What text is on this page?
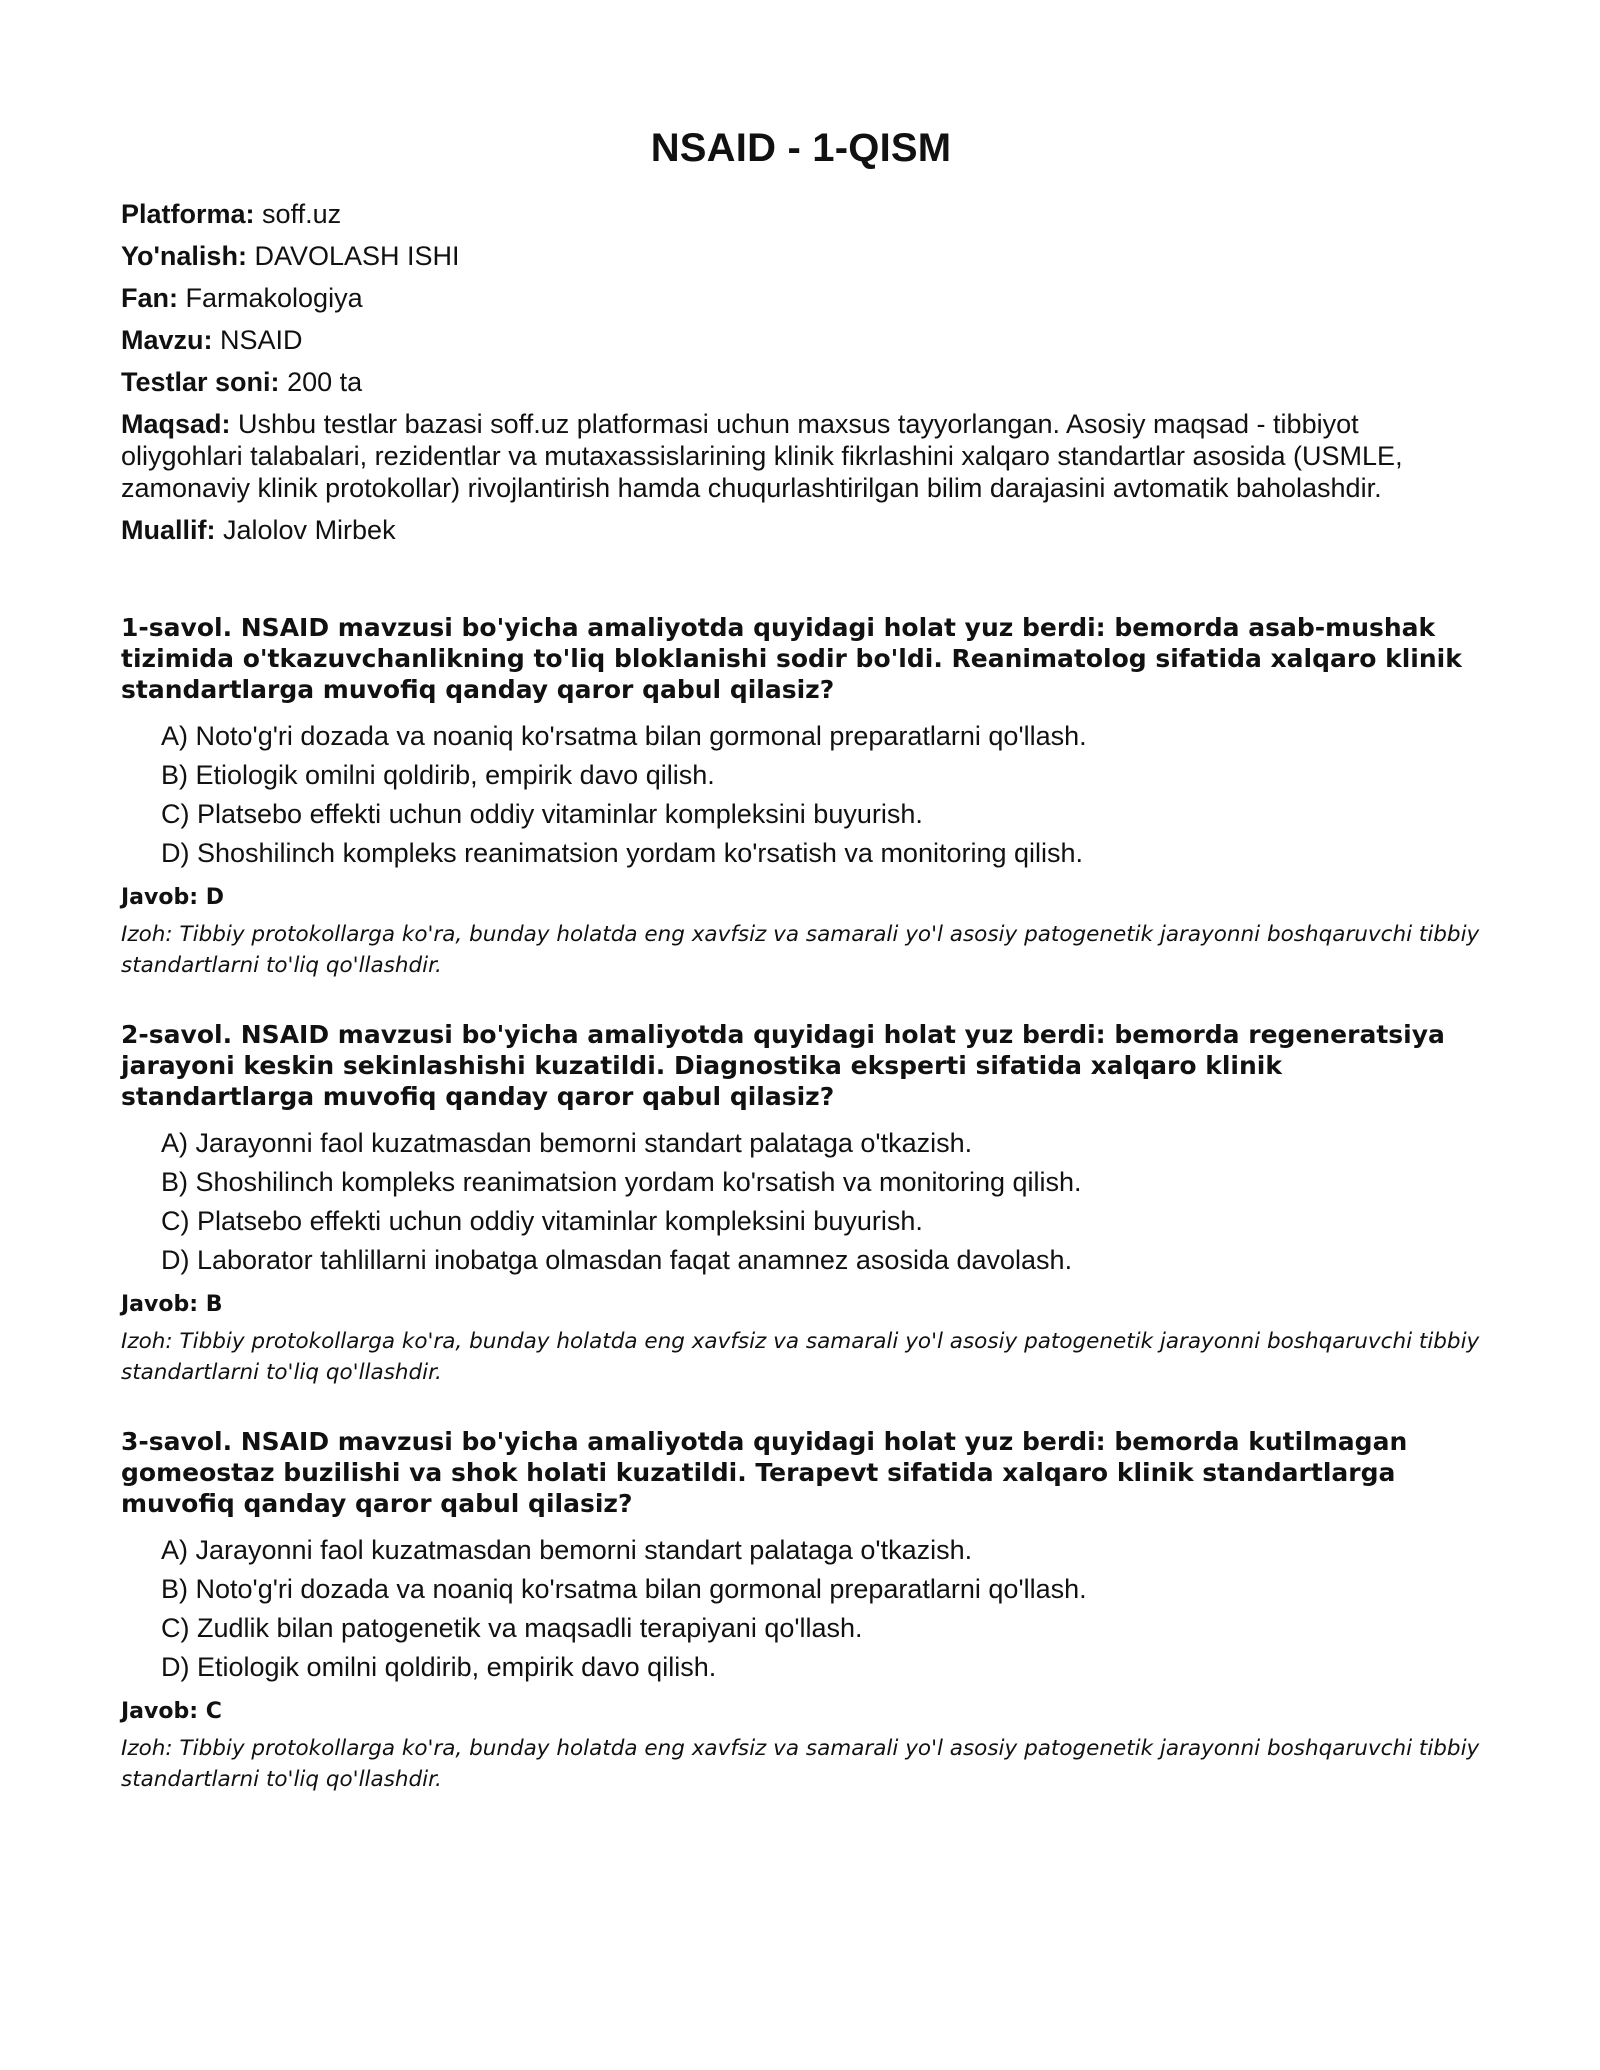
NSAID - 1-QISM
Platforma: soff.uz
Yo'nalish: DAVOLASH ISHI
Fan: Farmakologiya
Mavzu: NSAID
Testlar soni: 200 ta
Maqsad: Ushbu testlar bazasi soff.uz platformasi uchun maxsus tayyorlangan. Asosiy maqsad - tibbiyot oliygohlari talabalari, rezidentlar va mutaxassislarining klinik fikrlashini xalqaro standartlar asosida (USMLE, zamonaviy klinik protokollar) rivojlantirish hamda chuqurlashtirilgan bilim darajasini avtomatik baholashdir.
Muallif: Jalolov Mirbek

1-savol. NSAID mavzusi bo'yicha amaliyotda quyidagi holat yuz berdi: bemorda asab-mushak tizimida o'tkazuvchanlikning to'liq bloklanishi sodir bo'ldi. Reanimatolog sifatida xalqaro klinik standartlarga muvofiq qanday qaror qabul qilasiz?

A) Noto'g'ri dozada va noaniq ko'rsatma bilan gormonal preparatlarni qo'llash.
B) Etiologik omilni qoldirib, empirik davo qilish.
C) Platsebo effekti uchun oddiy vitaminlar kompleksini buyurish.
D) Shoshilinch kompleks reanimatsion yordam ko'rsatish va monitoring qilish.

Javob: D

Izoh: Tibbiy protokollarga ko'ra, bunday holatda eng xavfsiz va samarali yo'l asosiy patogenetik jarayonni boshqaruvchi tibbiy standartlarni to'liq qo'llashdir.

2-savol. NSAID mavzusi bo'yicha amaliyotda quyidagi holat yuz berdi: bemorda regeneratsiya jarayoni keskin sekinlashishi kuzatildi. Diagnostika eksperti sifatida xalqaro klinik standartlarga muvofiq qanday qaror qabul qilasiz?

A) Jarayonni faol kuzatmasdan bemorni standart palataga o'tkazish.
B) Shoshilinch kompleks reanimatsion yordam ko'rsatish va monitoring qilish.
C) Platsebo effekti uchun oddiy vitaminlar kompleksini buyurish.
D) Laborator tahlillarni inobatga olmasdan faqat anamnez asosida davolash.

Javob: B

Izoh: Tibbiy protokollarga ko'ra, bunday holatda eng xavfsiz va samarali yo'l asosiy patogenetik jarayonni boshqaruvchi tibbiy standartlarni to'liq qo'llashdir.

3-savol. NSAID mavzusi bo'yicha amaliyotda quyidagi holat yuz berdi: bemorda kutilmagan gomeostaz buzilishi va shok holati kuzatildi. Terapevt sifatida xalqaro klinik standartlarga muvofiq qanday qaror qabul qilasiz?

A) Jarayonni faol kuzatmasdan bemorni standart palataga o'tkazish.
B) Noto'g'ri dozada va noaniq ko'rsatma bilan gormonal preparatlarni qo'llash.
C) Zudlik bilan patogenetik va maqsadli terapiyani qo'llash.
D) Etiologik omilni qoldirib, empirik davo qilish.

Javob: C

Izoh: Tibbiy protokollarga ko'ra, bunday holatda eng xavfsiz va samarali yo'l asosiy patogenetik jarayonni boshqaruvchi tibbiy standartlarni to'liq qo'llashdir.
